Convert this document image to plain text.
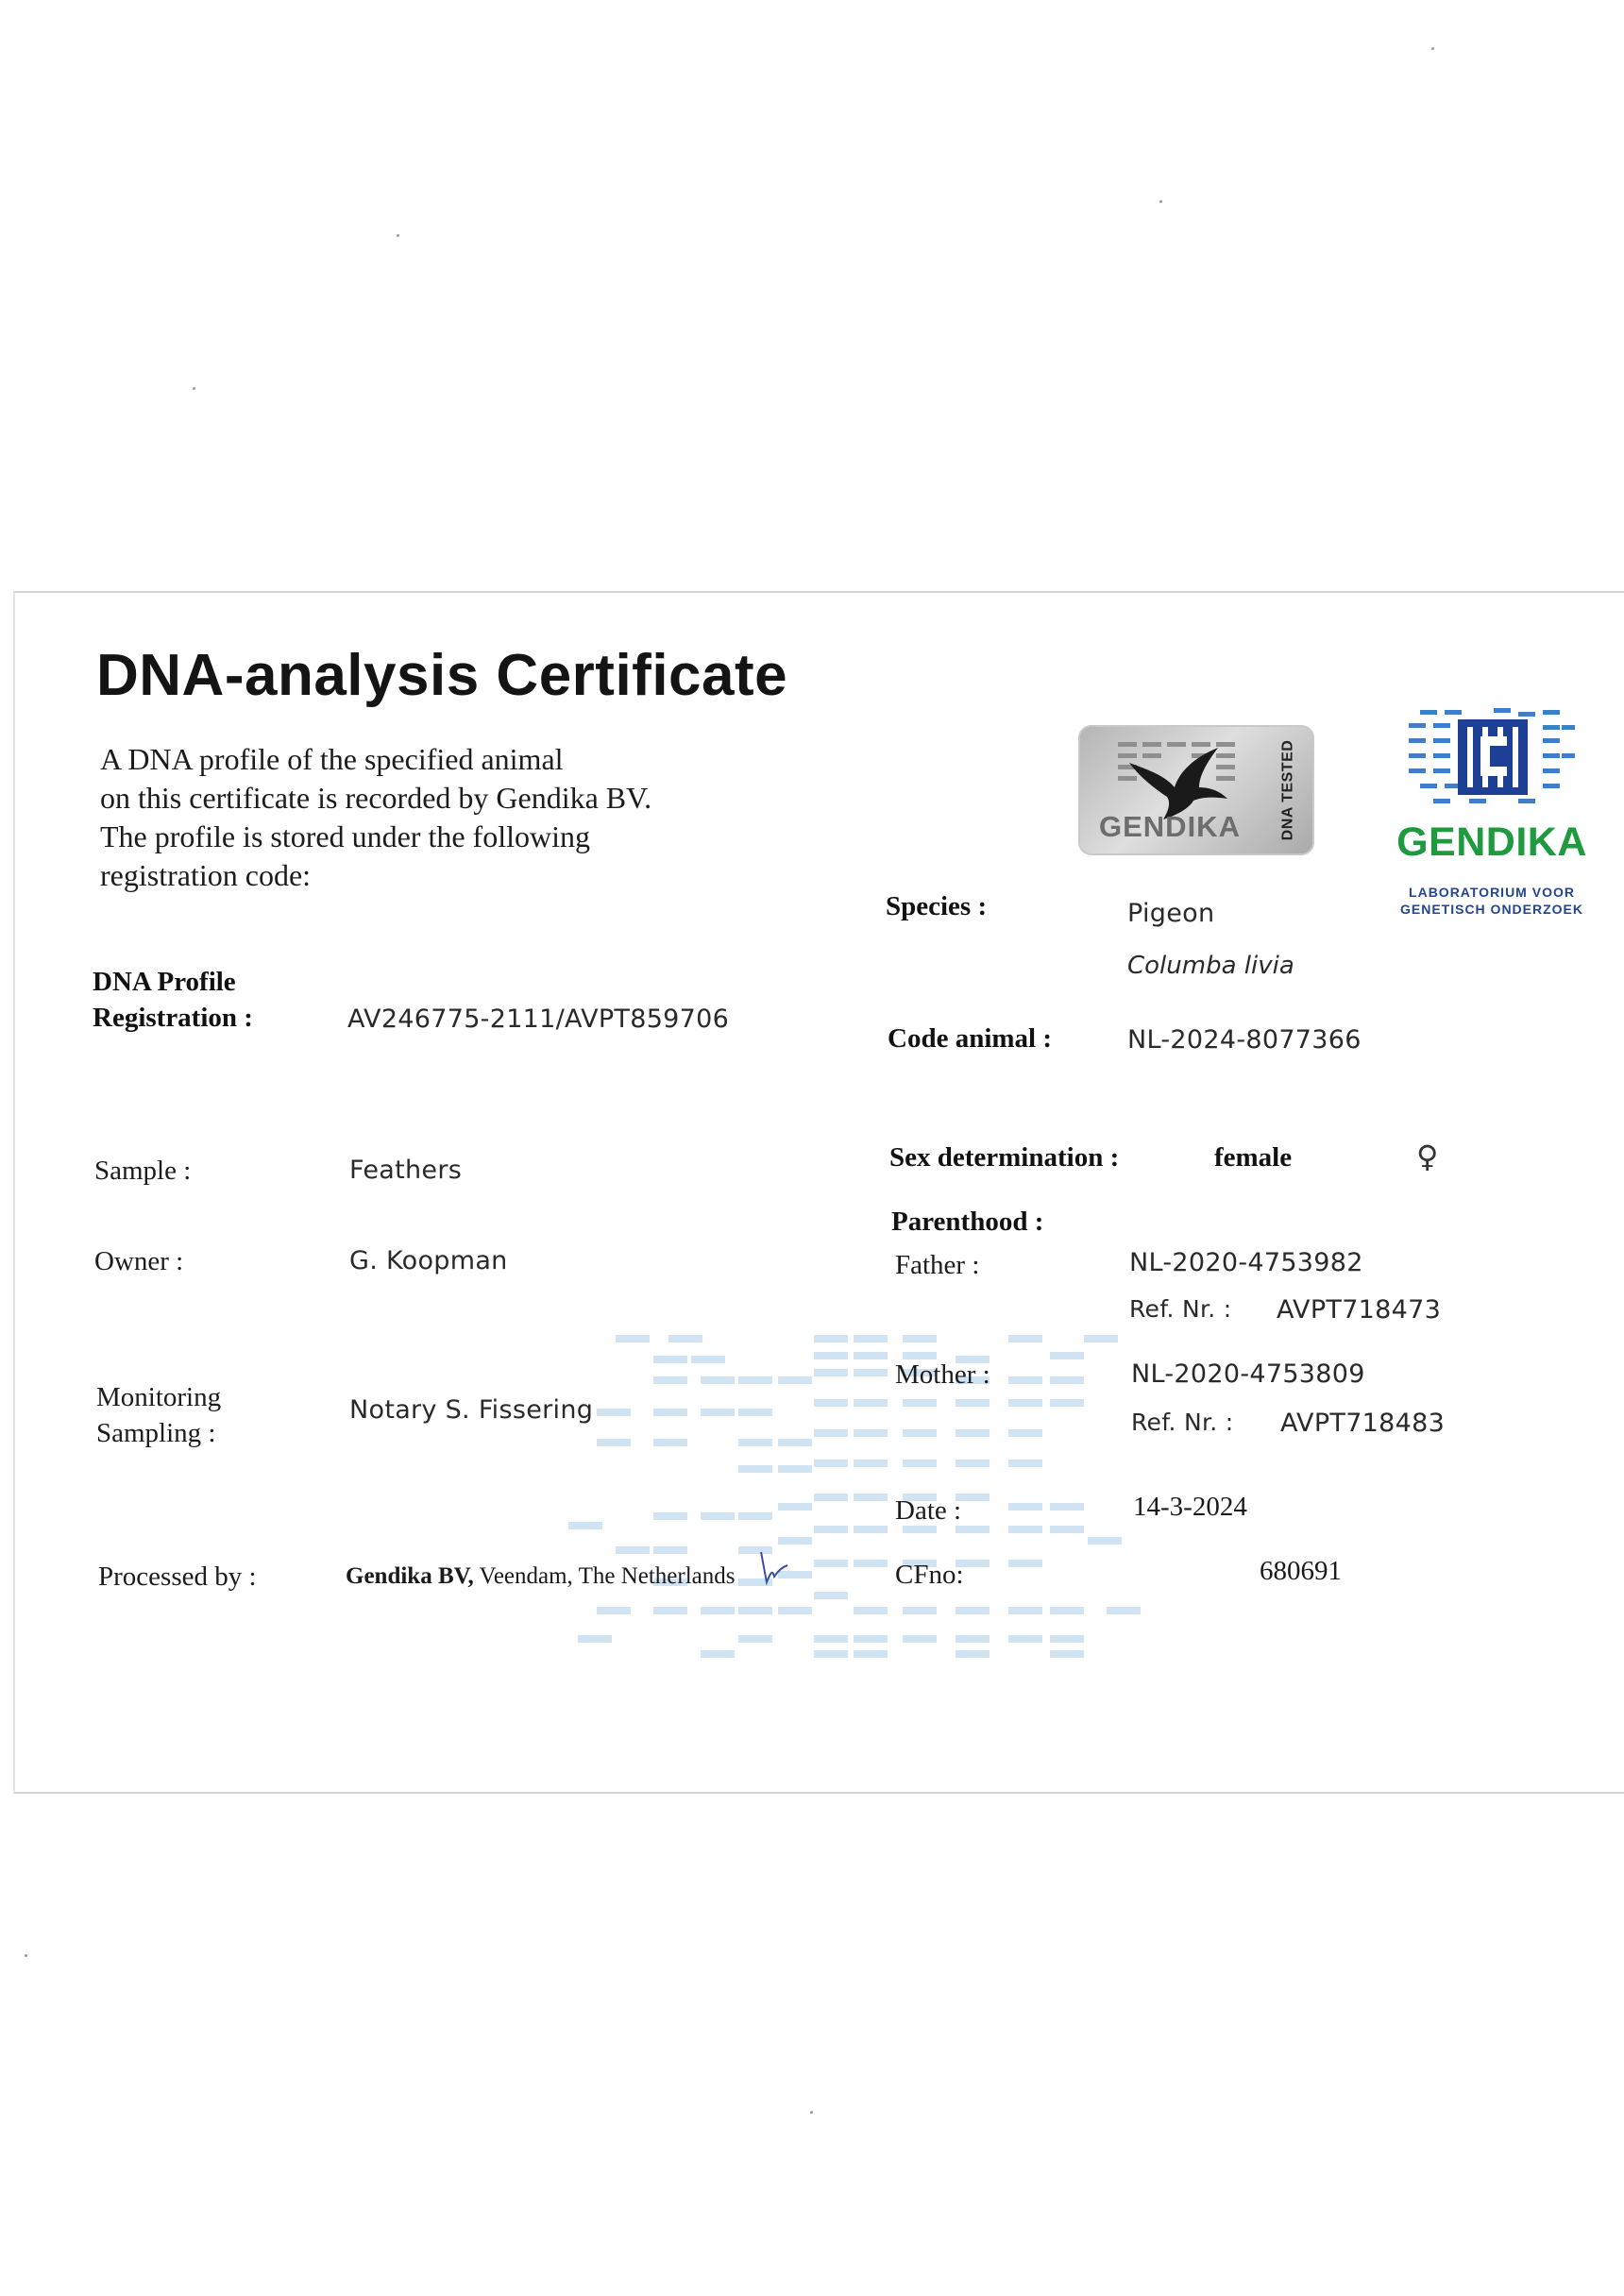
DNA-analysis Certificate
A DNA profile of the specified animal
on this certificate is recorded by Gendika BV.
The profile is stored under the following
registration code:
GENDIKA	DNA TESTED
GENDIKA
LABORATORIUM VOOR
GENETISCH ONDERZOEK
DNA Profile
Registration :	AV246775-2111/AVPT859706
Sample :	Feathers
Owner :	G. Koopman
Monitoring
Sampling :
Notary S. Fissering
Processed by :	Gendika BV, Veendam, The Netherlands
Species :	Pigeon
Columba livia
Code animal :	NL-2024-8077366
Sex determination :	female	♀
Parenthood :
Father :	NL-2020-4753982
Ref. Nr. : AVPT718473
Mother :	NL-2020-4753809
Ref. Nr. : AVPT718483
Date :	14-3-2024
CFno:	680691
